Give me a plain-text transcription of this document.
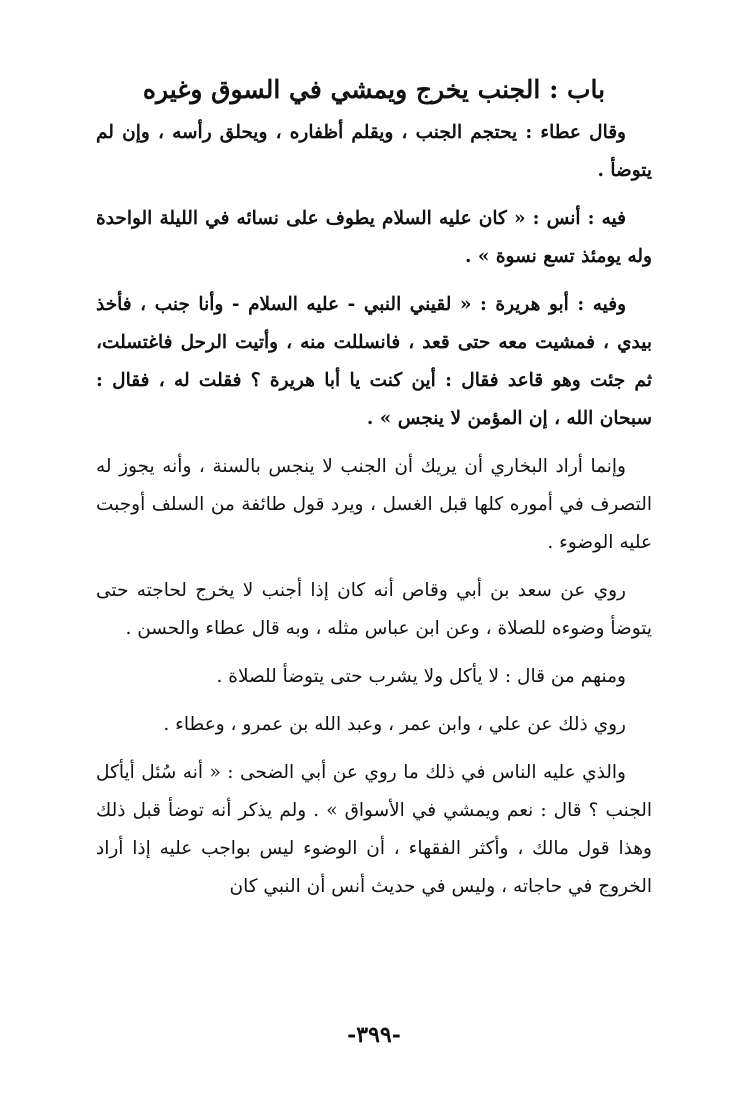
باب : الجنب يخرج ويمشي في السوق وغيره

وقال عطاء : يحتجم الجنب ، ويقلم أظفاره ، ويحلق رأسه ، وإن لم يتوضأ .

فيه : أنس : « كان عليه السلام يطوف على نسائه في الليلة الواحدة وله يومئذ تسع نسوة » .

وفيه : أبو هريرة : « لقيني النبي - عليه السلام - وأنا جنب ، فأخذ بيدي ، فمشيت معه حتى قعد ، فانسللت منه ، وأتيت الرحل فاغتسلت، ثم جئت وهو قاعد فقال : أين كنت يا أبا هريرة ؟ فقلت له ، فقال : سبحان الله ، إن المؤمن لا ينجس » .

وإنما أراد البخاري أن يريك أن الجنب لا ينجس بالسنة ، وأنه يجوز له التصرف في أموره كلها قبل الغسل ، ويرد قول طائفة من السلف أوجبت عليه الوضوء .

روي عن سعد بن أبي وقاص أنه كان إذا أجنب لا يخرج لحاجته حتى يتوضأ وضوءه للصلاة ، وعن ابن عباس مثله ، وبه قال عطاء والحسن .

ومنهم من قال : لا يأكل ولا يشرب حتى يتوضأ للصلاة .

روي ذلك عن علي ، وابن عمر ، وعبد الله بن عمرو ، وعطاء .

والذي عليه الناس في ذلك ما روي عن أبي الضحى : « أنه سُئل أيأكل الجنب ؟ قال : نعم ويمشي في الأسواق » . ولم يذكر أنه توضأ قبل ذلك وهذا قول مالك ، وأكثر الفقهاء ، أن الوضوء ليس بواجب عليه إذا أراد الخروج في حاجاته ، وليس في حديث أنس أن النبي كان

-٣٩٩-
